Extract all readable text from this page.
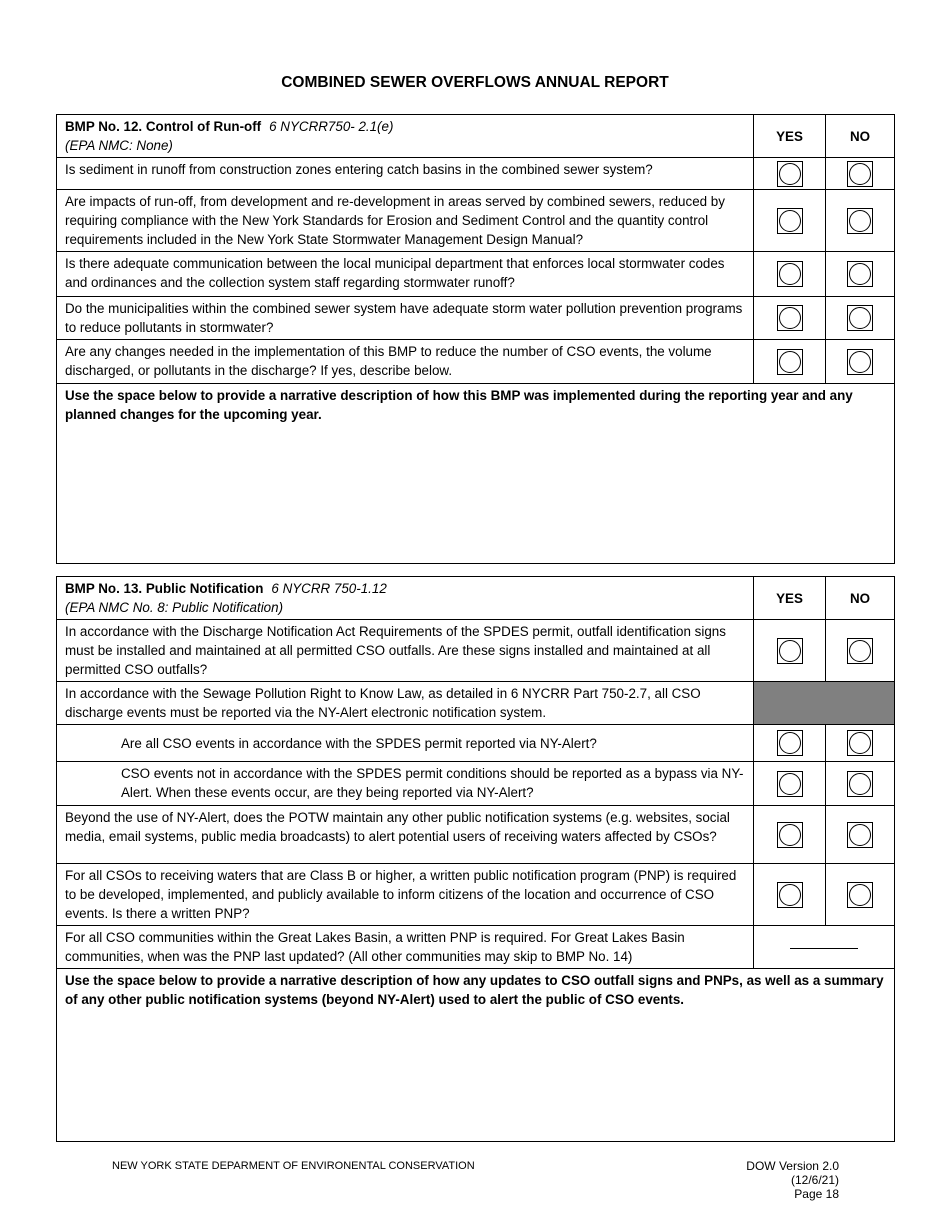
COMBINED SEWER OVERFLOWS ANNUAL REPORT
BMP No. 12. Control of Run-off 6 NYCRR750- 2.1(e)
(EPA NMC: None)	YES	NO
Is sediment in runoff from construction zones entering catch basins in the combined sewer system?		
Are impacts of run-off, from development and re-development in areas served by combined sewers, reduced by requiring compliance with the New York Standards for Erosion and Sediment Control and the quantity control requirements included in the New York State Stormwater Management Design Manual?		
Is there adequate communication between the local municipal department that enforces local stormwater codes and ordinances and the collection system staff regarding stormwater runoff?		
Do the municipalities within the combined sewer system have adequate storm water pollution prevention programs to reduce pollutants in stormwater?		
Are any changes needed in the implementation of this BMP to reduce the number of CSO events, the volume discharged, or pollutants in the discharge? If yes, describe below.		

Use the space below to provide a narrative description of how this BMP was implemented during the reporting year and any planned changes for the upcoming year.		
BMP No. 13. Public Notification 6 NYCRR 750-1.12
(EPA NMC No. 8: Public Notification)	YES	NO
In accordance with the Discharge Notification Act Requirements of the SPDES permit, outfall identification signs must be installed and maintained at all permitted CSO outfalls. Are these signs installed and maintained at all permitted CSO outfalls?		
In accordance with the Sewage Pollution Right to Know Law, as detailed in 6 NYCRR Part 750-2.7, all CSO discharge events must be reported via the NY-Alert electronic notification system.		
Are all CSO events in accordance with the SPDES permit reported via NY-Alert?		
CSO events not in accordance with the SPDES permit conditions should be reported as a bypass via NY-Alert. When these events occur, are they being reported via NY-Alert?		
Beyond the use of NY-Alert, does the POTW maintain any other public notification systems (e.g. websites, social media, email systems, public media broadcasts) to alert potential users of receiving waters affected by CSOs?		
For all CSOs to receiving waters that are Class B or higher, a written public notification program (PNP) is required to be developed, implemented, and publicly available to inform citizens of the location and occurrence of CSO events. Is there a written PNP?		
For all CSO communities within the Great Lakes Basin, a written PNP is required. For Great Lakes Basin communities, when was the PNP last updated? (All other communities may skip to BMP No. 14)		

Use the space below to provide a narrative description of how any updates to CSO outfall signs and PNPs, as well as a summary of any other public notification systems (beyond NY-Alert) used to alert the public of CSO events.		
NEW YORK STATE DEPARMENT OF ENVIRONENTAL CONSERVATION	DOW Version 2.0 (12/6/21)
Page 18
